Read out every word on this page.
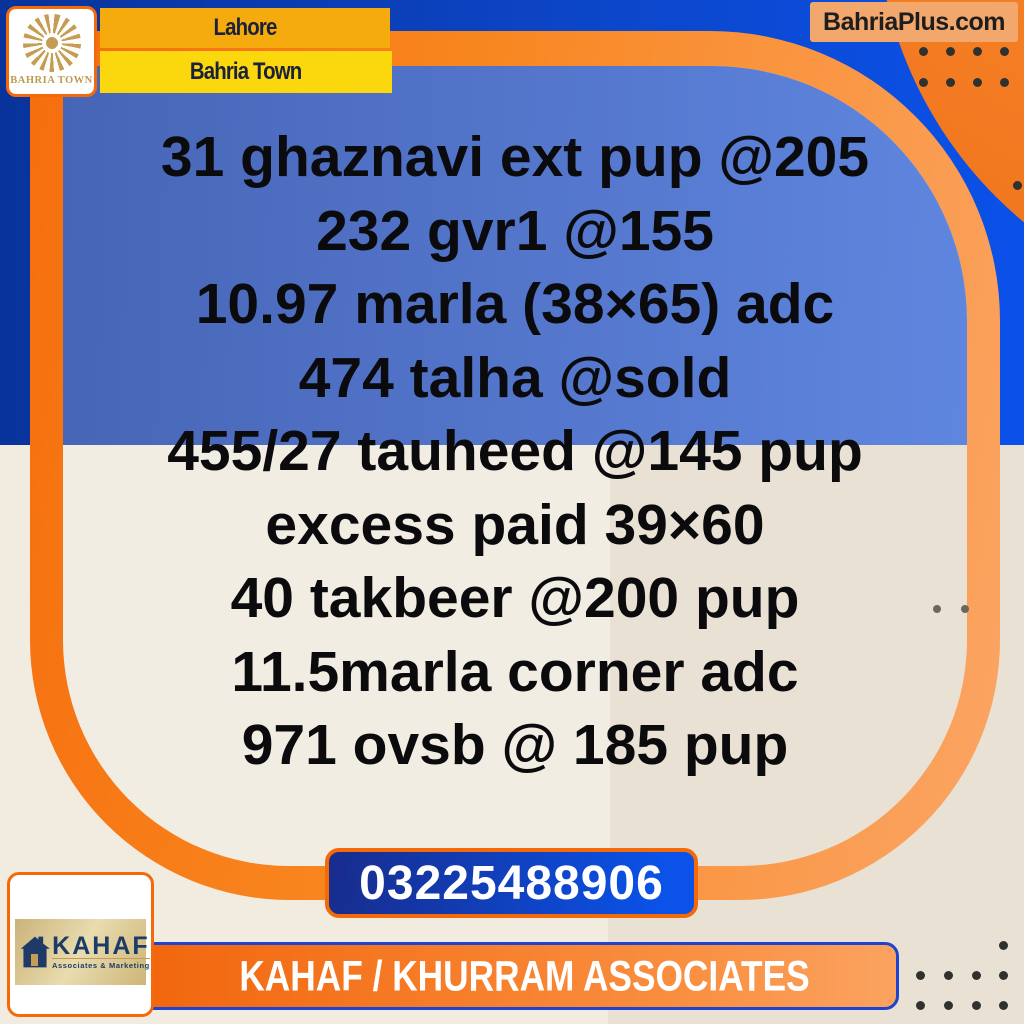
31 ghaznavi ext pup @205
232 gvr1 @155
10.97 marla (38×65) adc
474 talha @sold
455/27 tauheed @145 pup
excess paid 39×60
40 takbeer @200 pup
11.5marla corner adc
971 ovsb @ 185 pup
BAHRIA TOWN
Lahore
Bahria Town
BahriaPlus.com
03225488906
KAHAF / KHURRAM ASSOCIATES
KAHAF
Associates & Marketing
